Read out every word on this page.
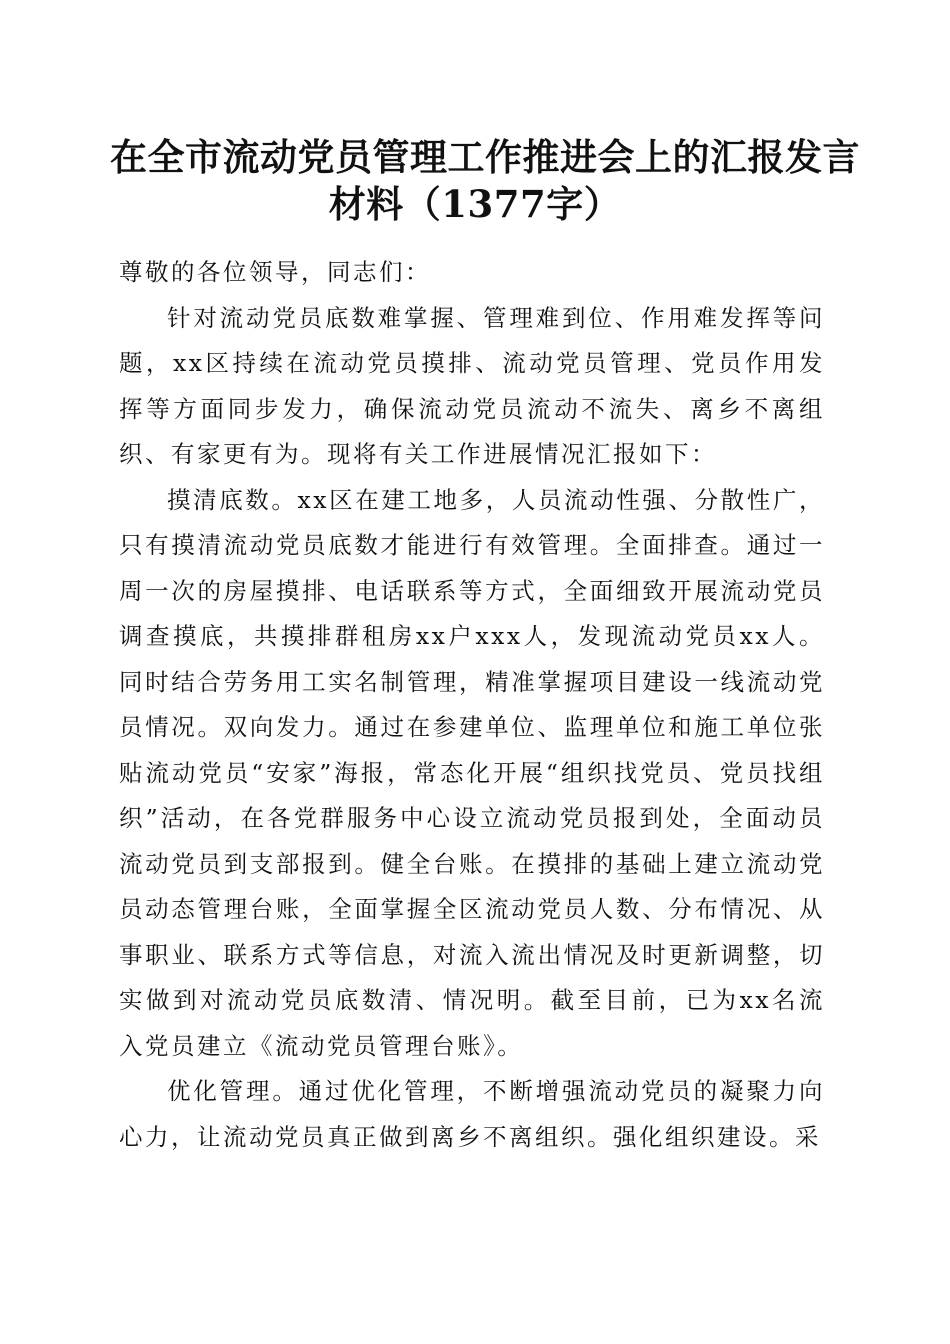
在全市流动党员管理工作推进会上的汇报发言
材料（1377字）

尊敬的各位领导，同志们：

针对流动党员底数难掌握、管理难到位、作用难发挥等问题，xx区持续在流动党员摸排、流动党员管理、党员作用发挥等方面同步发力，确保流动党员流动不流失、离乡不离组织、有家更有为。现将有关工作进展情况汇报如下：

摸清底数。xx区在建工地多，人员流动性强、分散性广，只有摸清流动党员底数才能进行有效管理。全面排查。通过一周一次的房屋摸排、电话联系等方式，全面细致开展流动党员调查摸底，共摸排群租房xx户xxx人，发现流动党员xx人。同时结合劳务用工实名制管理，精准掌握项目建设一线流动党员情况。双向发力。通过在参建单位、监理单位和施工单位张贴流动党员“安家”海报，常态化开展“组织找党员、党员找组织”活动，在各党群服务中心设立流动党员报到处，全面动员流动党员到支部报到。健全台账。在摸排的基础上建立流动党员动态管理台账，全面掌握全区流动党员人数、分布情况、从事职业、联系方式等信息，对流入流出情况及时更新调整，切实做到对流动党员底数清、情况明。截至目前，已为xx名流入党员建立《流动党员管理台账》。

优化管理。通过优化管理，不断增强流动党员的凝聚力向心力，让流动党员真正做到离乡不离组织。强化组织建设。采
